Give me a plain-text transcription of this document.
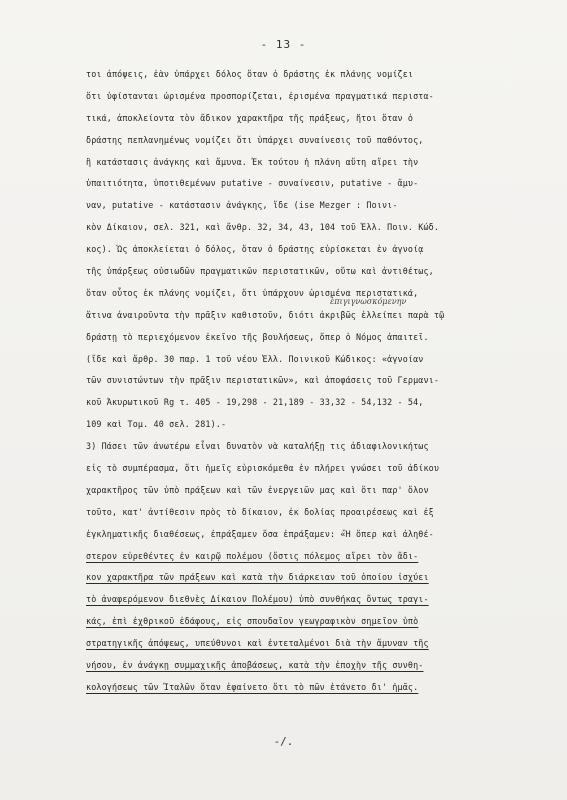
- 13 -
τοι ἀπόψεις, ἐὰν ὑπάρχει δόλος ὅταν ὁ δράστης ἐκ πλάνης νομίζει
ὅτι ὑφίστανται ὡρισμένα προσπορίζεται, ἐρισμένα πραγματικά περιστα-
τικά, ἀποκλείοντα τὸν ἄδικον χαρακτῆρα τῆς πράξεως, ἤτοι ὅταν ὁ
δράστης πεπλανημένως νομίζει ὅτι ὑπάρχει συναίνεσις τοῦ παθόντος,
ἢ κατάστασις ἀνάγκης καὶ ἄμυνα. Ἐκ τούτου ἡ πλάνη αὕτη αἴρει τὴν
ὑπαιτιότητα, ὑποτιθεμένων putative - συναίνεσιν, putative - ἄμυ-
ναν, putative - κατάστασιν ἀνάγκης, ἴδε (ise Mezger : Ποινι-
κὸν Δίκαιον, σελ. 321, καὶ ἄνθρ. 32, 34, 43, 104 τοῦ Ἑλλ. Ποιν. Κώδ.
κος). Ὡς ἀποκλείεται ὁ δόλος, ὅταν ὁ δράστης εὑρίσκεται ἐν ἀγνοίᾳ
τῆς ὑπάρξεως οὐσιωδῶν πραγματικῶν περιστατικῶν, οὕτω καὶ ἀντιθέτως,
ὅταν οὗτος ἐκ πλάνης νομίζει, ὅτι ὑπάρχουν ὡρισμένα περιστατικά,
ἅτινα ἀναιροῦντα τὴν πρᾶξιν καθιστοῦν, διότι ἀκριβῶς ἐλλείπει παρὰ τῷ
δράστῃ τὸ περιεχόμενον ἐκεῖνο τῆς βουλήσεως, ὅπερ ὁ Νόμος ἀπαιτεῖ.
(ἴδε καὶ ἄρθρ. 30 παρ. 1 τοῦ νέου Ἑλλ. Ποινικοῦ Κώδικος: «ἀγνοίαν
τῶν συνιστώντων τὴν πρᾶξιν περιστατικῶν», καὶ ἀποφάσεις τοῦ Γερμανι-
κοῦ Ἀκυρωτικοῦ Rg τ. 405 - 19,298 - 21,189 - 33,32 - 54,132 - 54,
109 καὶ Τομ. 40 σελ. 281).-
3) Πάσει τῶν ἀνωτέρω εἶναι δυνατὸν νὰ καταλήξῃ τις ἀδιαφιλονικήτως
εἰς τὸ συμπέρασμα, ὅτι ἡμεῖς εὑρισκόμεθα ἐν πλήρει γνώσει τοῦ ἀδίκου
χαρακτῆρος τῶν ὑπὸ πράξεων καὶ τῶν ἐνεργειῶν μας καὶ ὅτι παρ' ὅλον
τοῦτο, κατ' ἀντίθεσιν πρὸς τὸ δίκαιον, ἐκ δολίας προαιρέσεως καὶ ἐξ
ἐγκληματικῆς διαθέσεως, ἐπράξαμεν ὅσα ἐπράξαμεν: «Ἢ ὅπερ καὶ ἀληθέ-
στερον εὑρεθέντες ἐν καιρῷ πολέμου (ὅστις πόλεμος αἴρει τὸν ἄδι-
κον χαρακτῆρα τῶν πράξεων καὶ κατὰ τὴν διάρκειαν τοῦ ὁποίου ἰσχύει
τὸ ἀναφερόμενον διεθνὲς Δίκαιον Πολέμου) ὑπὸ συνθήκας ὄντως τραγι-
κάς, ἐπὶ ἐχθρικοῦ ἐδάφους, εἰς σπουδαῖον γεωγραφικὸν σημεῖον ὑπὸ
στρατηγικῆς ἀπόψεως, υπεύθυνοι καὶ ἐντεταλμένοι διὰ τὴν ἄμυναν τῆς
νήσου, ἐν ἀνάγκῃ συμμαχικῆς ἀποβάσεως, κατὰ τὴν ἐποχὴν τῆς συνθη-
κολογήσεως τῶν Ἰταλῶν ὅταν ἐφαίνετο ὅτι τὸ πῶν ἐτάνετο δι' ἡμᾶς.
ἐπιγιγνωσκόμενην
-/.
